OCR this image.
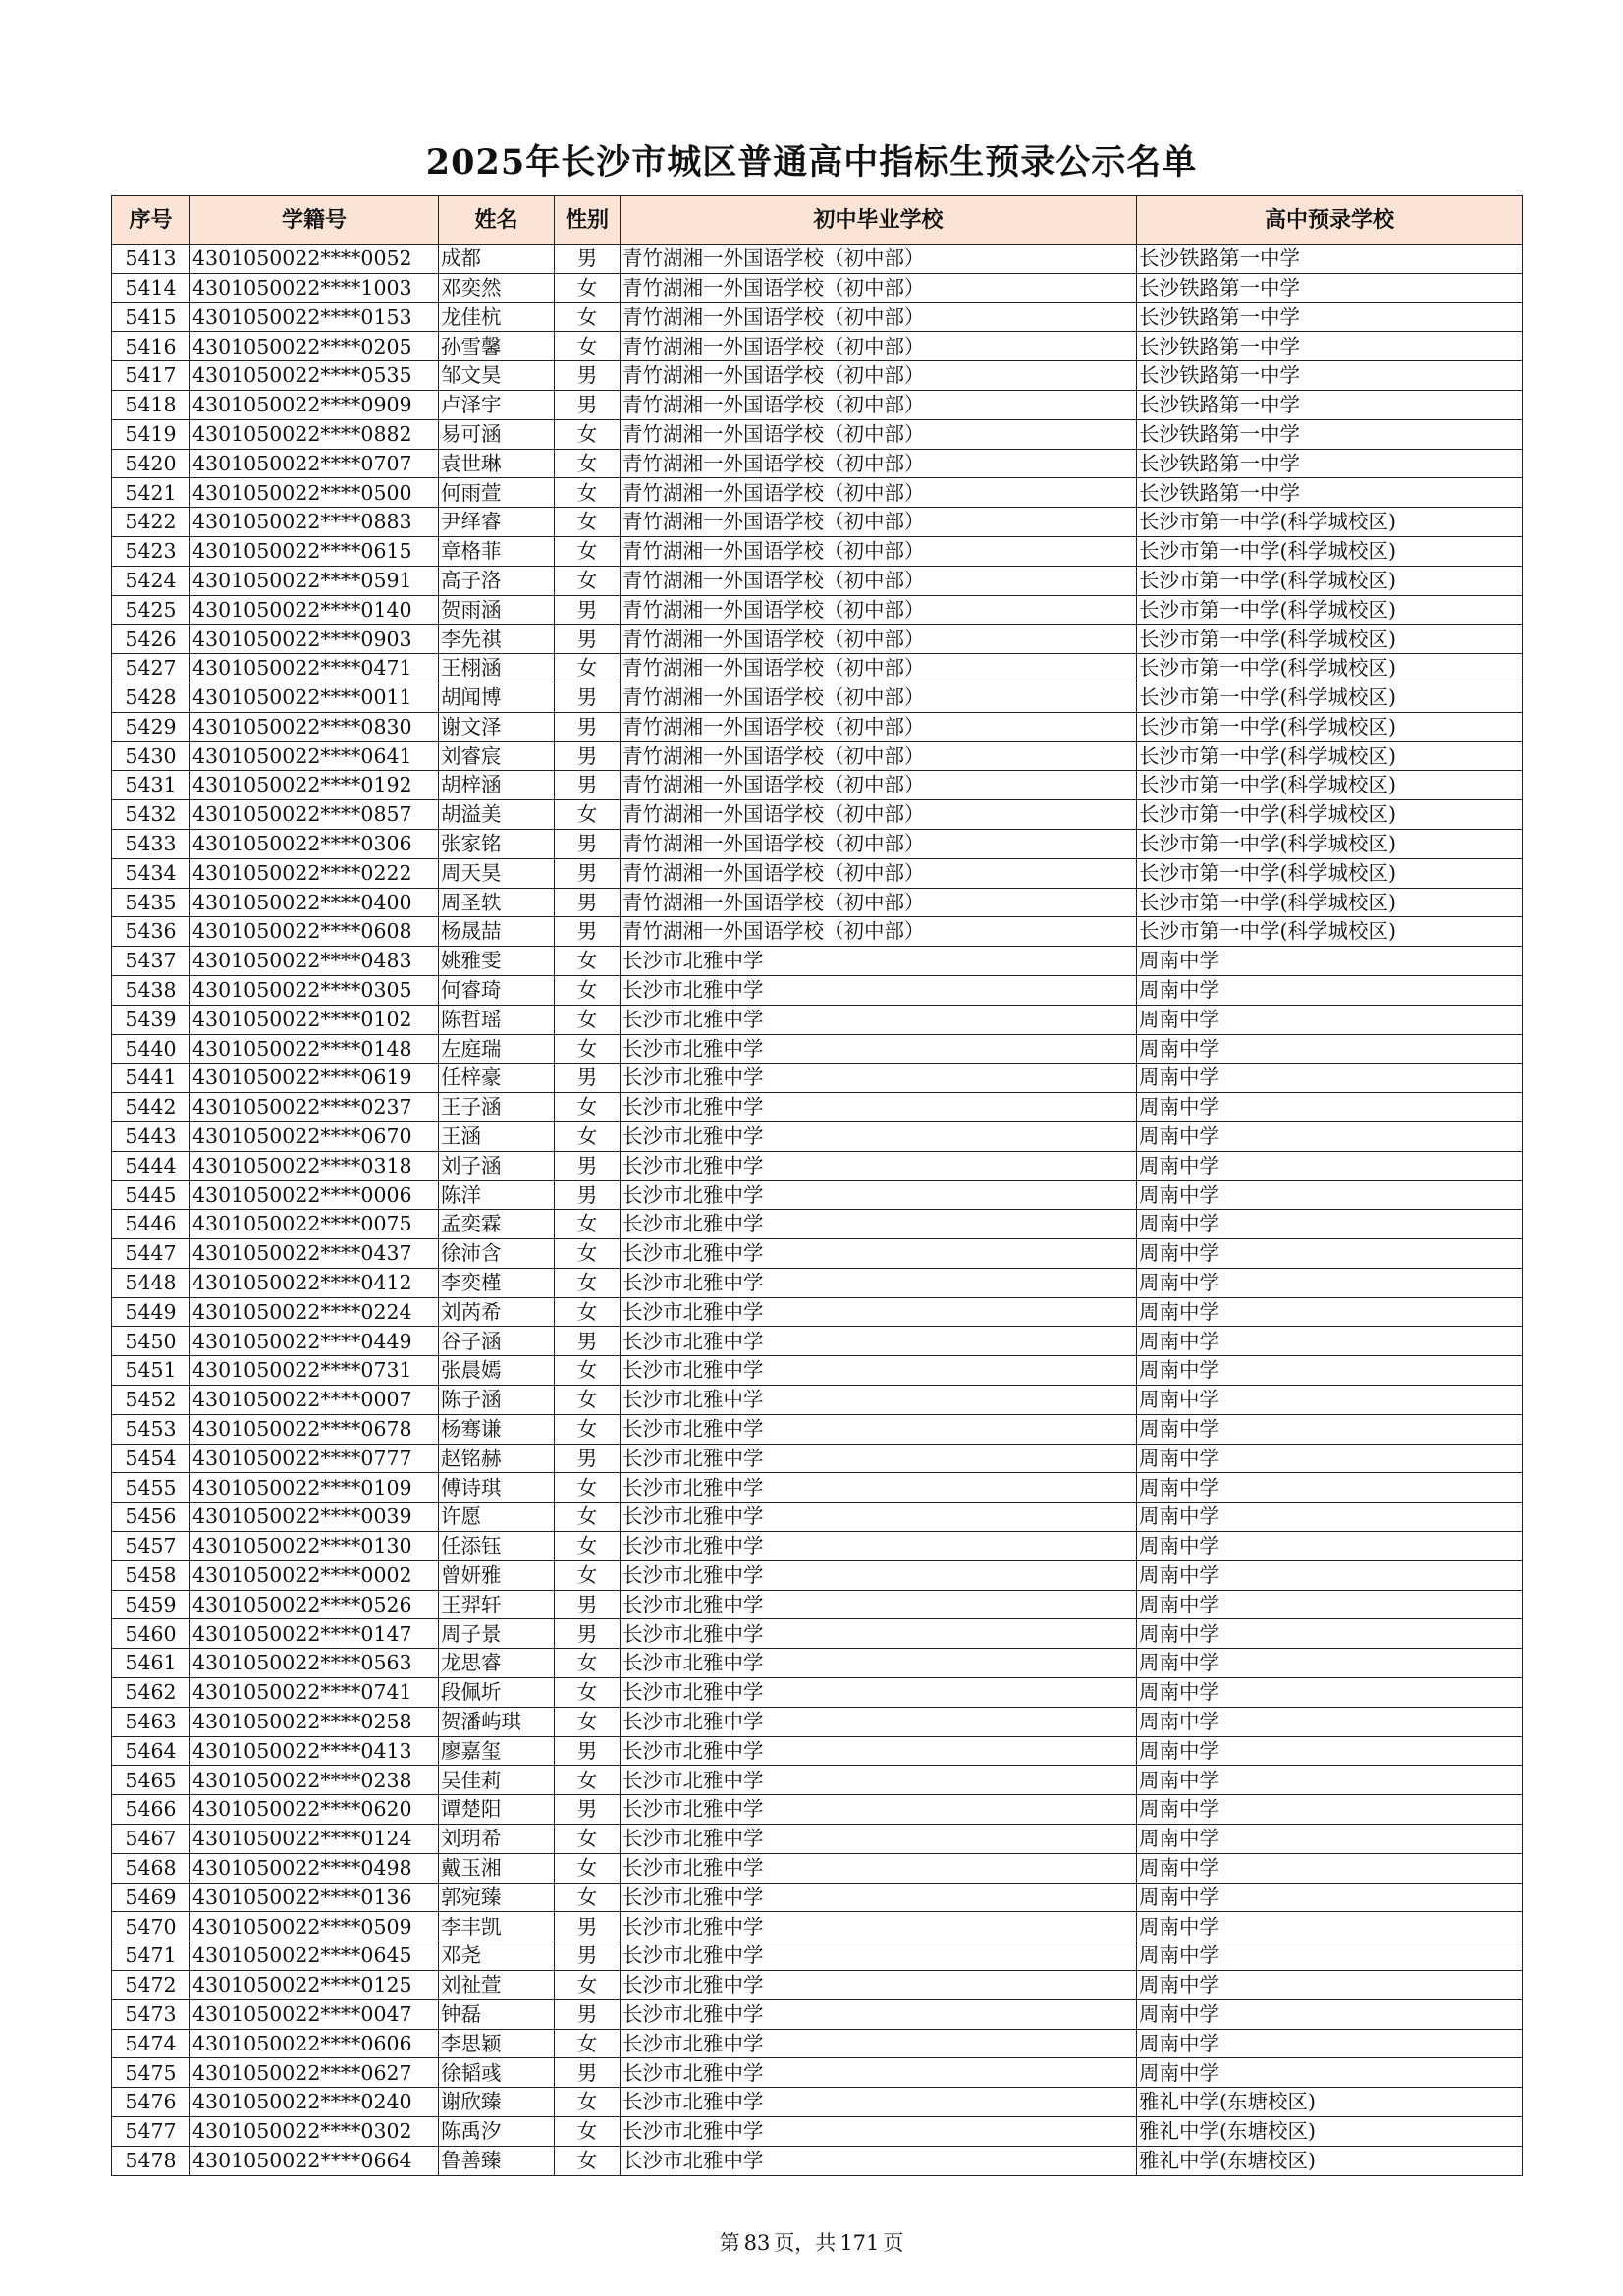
2025年长沙市城区普通高中指标生预录公示名单
序号	学籍号	姓名	性别	初中毕业学校	高中预录学校
5413	4301050022****0052	成都	男	青竹湖湘一外国语学校（初中部）	长沙铁路第一中学
5414	4301050022****1003	邓奕然	女	青竹湖湘一外国语学校（初中部）	长沙铁路第一中学
5415	4301050022****0153	龙佳杭	女	青竹湖湘一外国语学校（初中部）	长沙铁路第一中学
5416	4301050022****0205	孙雪馨	女	青竹湖湘一外国语学校（初中部）	长沙铁路第一中学
5417	4301050022****0535	邹文昊	男	青竹湖湘一外国语学校（初中部）	长沙铁路第一中学
5418	4301050022****0909	卢泽宇	男	青竹湖湘一外国语学校（初中部）	长沙铁路第一中学
5419	4301050022****0882	易可涵	女	青竹湖湘一外国语学校（初中部）	长沙铁路第一中学
5420	4301050022****0707	袁世琳	女	青竹湖湘一外国语学校（初中部）	长沙铁路第一中学
5421	4301050022****0500	何雨萱	女	青竹湖湘一外国语学校（初中部）	长沙铁路第一中学
5422	4301050022****0883	尹绎睿	女	青竹湖湘一外国语学校（初中部）	长沙市第一中学(科学城校区)
5423	4301050022****0615	章格菲	女	青竹湖湘一外国语学校（初中部）	长沙市第一中学(科学城校区)
5424	4301050022****0591	高子洛	女	青竹湖湘一外国语学校（初中部）	长沙市第一中学(科学城校区)
5425	4301050022****0140	贺雨涵	男	青竹湖湘一外国语学校（初中部）	长沙市第一中学(科学城校区)
5426	4301050022****0903	李先祺	男	青竹湖湘一外国语学校（初中部）	长沙市第一中学(科学城校区)
5427	4301050022****0471	王栩涵	女	青竹湖湘一外国语学校（初中部）	长沙市第一中学(科学城校区)
5428	4301050022****0011	胡闻博	男	青竹湖湘一外国语学校（初中部）	长沙市第一中学(科学城校区)
5429	4301050022****0830	谢文泽	男	青竹湖湘一外国语学校（初中部）	长沙市第一中学(科学城校区)
5430	4301050022****0641	刘睿宸	男	青竹湖湘一外国语学校（初中部）	长沙市第一中学(科学城校区)
5431	4301050022****0192	胡梓涵	男	青竹湖湘一外国语学校（初中部）	长沙市第一中学(科学城校区)
5432	4301050022****0857	胡溢美	女	青竹湖湘一外国语学校（初中部）	长沙市第一中学(科学城校区)
5433	4301050022****0306	张家铭	男	青竹湖湘一外国语学校（初中部）	长沙市第一中学(科学城校区)
5434	4301050022****0222	周天昊	男	青竹湖湘一外国语学校（初中部）	长沙市第一中学(科学城校区)
5435	4301050022****0400	周圣轶	男	青竹湖湘一外国语学校（初中部）	长沙市第一中学(科学城校区)
5436	4301050022****0608	杨晟喆	男	青竹湖湘一外国语学校（初中部）	长沙市第一中学(科学城校区)
5437	4301050022****0483	姚雅雯	女	长沙市北雅中学	周南中学
5438	4301050022****0305	何睿琦	女	长沙市北雅中学	周南中学
5439	4301050022****0102	陈哲瑶	女	长沙市北雅中学	周南中学
5440	4301050022****0148	左庭瑞	女	长沙市北雅中学	周南中学
5441	4301050022****0619	任梓豪	男	长沙市北雅中学	周南中学
5442	4301050022****0237	王子涵	女	长沙市北雅中学	周南中学
5443	4301050022****0670	王涵	女	长沙市北雅中学	周南中学
5444	4301050022****0318	刘子涵	男	长沙市北雅中学	周南中学
5445	4301050022****0006	陈洋	男	长沙市北雅中学	周南中学
5446	4301050022****0075	孟奕霖	女	长沙市北雅中学	周南中学
5447	4301050022****0437	徐沛含	女	长沙市北雅中学	周南中学
5448	4301050022****0412	李奕槿	女	长沙市北雅中学	周南中学
5449	4301050022****0224	刘芮希	女	长沙市北雅中学	周南中学
5450	4301050022****0449	谷子涵	男	长沙市北雅中学	周南中学
5451	4301050022****0731	张晨嫣	女	长沙市北雅中学	周南中学
5452	4301050022****0007	陈子涵	女	长沙市北雅中学	周南中学
5453	4301050022****0678	杨骞谦	女	长沙市北雅中学	周南中学
5454	4301050022****0777	赵铭赫	男	长沙市北雅中学	周南中学
5455	4301050022****0109	傅诗琪	女	长沙市北雅中学	周南中学
5456	4301050022****0039	许愿	女	长沙市北雅中学	周南中学
5457	4301050022****0130	任添钰	女	长沙市北雅中学	周南中学
5458	4301050022****0002	曾妍雅	女	长沙市北雅中学	周南中学
5459	4301050022****0526	王羿轩	男	长沙市北雅中学	周南中学
5460	4301050022****0147	周子景	男	长沙市北雅中学	周南中学
5461	4301050022****0563	龙思睿	女	长沙市北雅中学	周南中学
5462	4301050022****0741	段佩圻	女	长沙市北雅中学	周南中学
5463	4301050022****0258	贺潘屿琪	女	长沙市北雅中学	周南中学
5464	4301050022****0413	廖嘉玺	男	长沙市北雅中学	周南中学
5465	4301050022****0238	吴佳莉	女	长沙市北雅中学	周南中学
5466	4301050022****0620	谭楚阳	男	长沙市北雅中学	周南中学
5467	4301050022****0124	刘玥希	女	长沙市北雅中学	周南中学
5468	4301050022****0498	戴玉湘	女	长沙市北雅中学	周南中学
5469	4301050022****0136	郭宛臻	女	长沙市北雅中学	周南中学
5470	4301050022****0509	李丰凯	男	长沙市北雅中学	周南中学
5471	4301050022****0645	邓尧	男	长沙市北雅中学	周南中学
5472	4301050022****0125	刘祉萱	女	长沙市北雅中学	周南中学
5473	4301050022****0047	钟磊	男	长沙市北雅中学	周南中学
5474	4301050022****0606	李思颖	女	长沙市北雅中学	周南中学
5475	4301050022****0627	徐韬彧	男	长沙市北雅中学	周南中学
5476	4301050022****0240	谢欣臻	女	长沙市北雅中学	雅礼中学(东塘校区)
5477	4301050022****0302	陈禹汐	女	长沙市北雅中学	雅礼中学(东塘校区)
5478	4301050022****0664	鲁善臻	女	长沙市北雅中学	雅礼中学(东塘校区)
第 83 页，共 171 页
